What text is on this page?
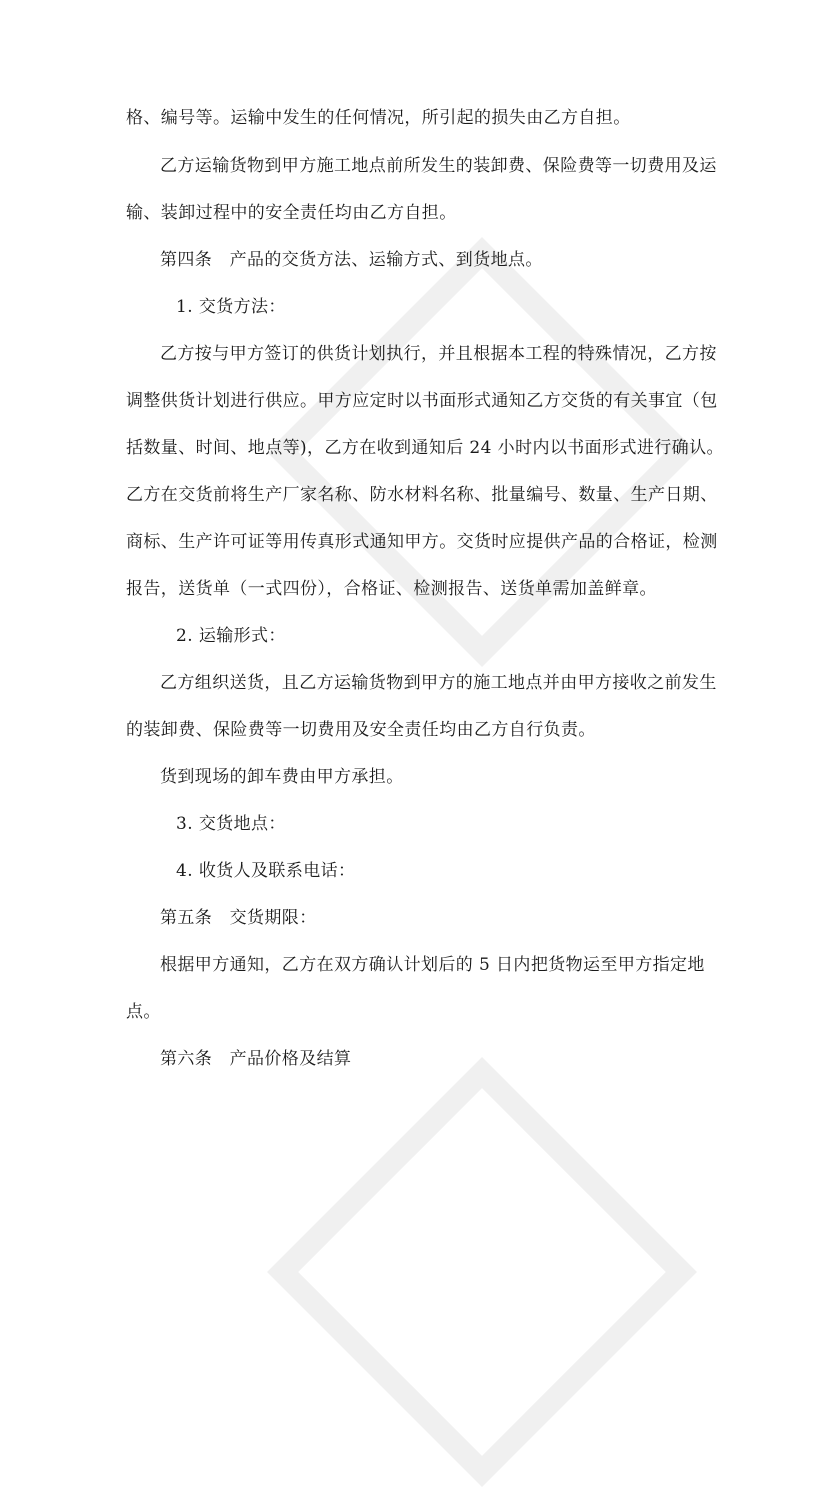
格、编号等。运输中发生的任何情况，所引起的损失由乙方自担。
乙方运输货物到甲方施工地点前所发生的装卸费、保险费等一切费用及运
输、装卸过程中的安全责任均由乙方自担。
第四条　产品的交货方法、运输方式、到货地点。
1. 交货方法：
乙方按与甲方签订的供货计划执行，并且根据本工程的特殊情况，乙方按
调整供货计划进行供应。甲方应定时以书面形式通知乙方交货的有关事宜（包
括数量、时间、地点等)，乙方在收到通知后 24 小时内以书面形式进行确认。
乙方在交货前将生产厂家名称、防水材料名称、批量编号、数量、生产日期、
商标、生产许可证等用传真形式通知甲方。交货时应提供产品的合格证，检测
报告，送货单（一式四份），合格证、检测报告、送货单需加盖鲜章。
2. 运输形式：
乙方组织送货，且乙方运输货物到甲方的施工地点并由甲方接收之前发生
的装卸费、保险费等一切费用及安全责任均由乙方自行负责。
货到现场的卸车费由甲方承担。
3. 交货地点：
4. 收货人及联系电话：
第五条　交货期限：
根据甲方通知，乙方在双方确认计划后的 5 日内把货物运至甲方指定地
点。
第六条　产品价格及结算
